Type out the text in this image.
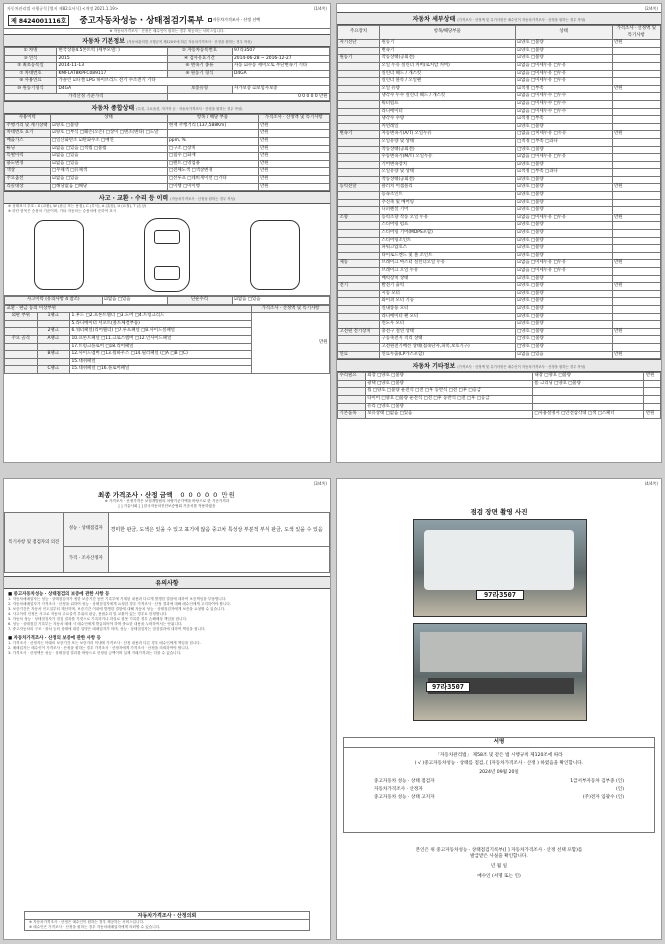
자동차관리법 시행규칙 [별지 제82호서식] <개정 2021.1.19>	(1/4쪽)
제 8424001116호	중고자동차성능 · 상태점검기록부	자동차가격조사 · 산정 선택
※ 자동차가격조사 · 산정은 매수인이 원하는 경우 제공하는 서비스입니다.
자동차 기본정보 (자동차관리법 시행규칙 제120조에 따른 자동차가격조사 · 산정을 원하는 경우 작성)
① 차명	한국상용4.5톤트럭 (세부모델: )	② 자동차등록번호	97라3507
③ 연식	2015	④ 검사유효기간	2014-06-28 ~ 2016-12-27
⑤ 최초등록일	2014-11-13	⑥ 변속기 종류	자동 ☑수동 세미오토 무단변속기 기타
⑦ 차대번호	KMFLAT8KPFC089117	⑧ 원동기 형식	D4GA
⑨ 사용연료	가솔린 ☑디젤 LPG 하이브리드 전기 수소전기 기타		
⑩ 원동기형식	D4GA	보증유형	자가보증 ☑보험사보증
가격산정 기준가격		0 0 0 0 0 만원	
자동차 종합상태 (특징, 주요옵션, 자가자 등 · 자동차가격조사 · 산정을 원하는 경우 작성)
사용이력	상태	항목 / 해당 부품	가격조사 · 산정액 및 특기사항
주행거리 및 계기상태	☑양호 □불량	현재 주행거리 [137,588Km]	만원
차대번호 표기	☑양호 □부식 □훼손(오손) □상이 □변조(변타) □도말		만원
배출가스	□일산화탄소 ☑탄화수소 □매연	ppm, %	만원
튜닝	☑없음 □있음 □적법 □불법	□구조 □장치	만원
특별이력	☑없음 □있음	□침수 □화재	만원
용도변경	☑없음 □있음	□렌트 □영업용	만원
색상	□무채색 □유채색	□전체도색 □색상변경	만원
주요옵션	☑없음 □있음	□선루프 □네비게이션 □기타	만원
리콜대상	□해당없음 □해당	□이행 □미이행	만원
사고 · 교환 · 수리 등 이력 (자동차가격조사 · 산정을 원하는 경우 작성)
※ 상태표시 부호 : X (교환), W (판금 또는 용접), C (부식), A (흠집), U (요철), T (손상)
※ 하단 항목은 승용차 기준이며, 기타 자동차는 승용차에 준하여 표시
사고이력 (유의사항 4 참조)	☑없음 □있음	단순수리	☑없음 □있음
교환 · 판금 등의 이상부위			가격조사 · 산정액 및 특기사항
외판 부위	1랭크	1.후드 □2.프론트휀더 □3.도어 □4.트렁크리드	만원
		5.라디에이터 서포트(볼트체결부품)	
	2랭크	6.쿼터패널(리어휀더) □7.루프패널 □8.사이드실패널	
주요 골격	A랭크	10.프론트패널 □11.크로스멤버 □12.인사이드패널	
		17.트렁크플로어 □18.리어패널	
	B랭크	12.사이드멤버 □13.휠하우스 □14.필러패널 (□A □B □C)	
		15.대쉬패널	
	C랭크	15.대쉬패널 □16.플로어패널	
(2/4쪽)
자동차 세부상태 (가격조사 · 산정액 및 특기사항은 매수인이 자동차가격조사 · 산정을 원하는 경우 작성)
주요장치	항목/해당부품	상태	가격조사 · 산정액 및 특기사항
자기진단	원동기	☑양호 □불량	만원
	변속기	☑양호 □불량	
원동기	작동상태(공회전)	☑양호 □불량	
	오일 누유 실린더 커버(로커암 커버)	☑없음 □미세누유 □누유	
	실린더 헤드 / 개스킷	☑없음 □미세누유 □누유	
	실린더 블록 / 오일팬	☑없음 □미세누유 □누유	
	오일 유량	☑적정 □부족	만원
	냉각수 누수 실린더 헤드 / 개스킷	☑없음 □미세누수 □누수	
	워터펌프	☑없음 □미세누수 □누수	
	라디에이터	☑없음 □미세누수 □누수	
	냉각수 수량	☑적정 □부족	
	커먼레일	☑양호 □불량	
변속기	자동변속기(A/T) 오일누유	□없음 □미세누유 □누유	만원
	오일유량 및 상태	□적정 □부족 □과다	
	작동상태(공회전)	□양호 □불량	
	수동변속기(M/T) 오일누유	☑없음 □미세누유 □누유	
	기어변속장치	☑양호 □불량	
	오일유량 및 상태	☑적정 □부족 □과다	
	작동상태(공회전)	☑양호 □불량	
동력전달	클러치 어셈블리	☑양호 □불량	만원
	등속조인트	☑양호 □불량	
	추진축 및 베어링	☑양호 □불량	
	디퍼렌셜 기어	☑양호 □불량	
조향	동력조향 작동 오일 누유	☑없음 □미세누유 □누유	만원
	스티어링 펌프	☑양호 □불량	
	스티어링 기어(MDPS포함)	☑양호 □불량	
	스티어링조인트	☑양호 □불량	
	파워고압호스	☑양호 □불량	
	타이로드엔드 및 볼 조인트	☑양호 □불량	
제동	브레이크 마스터 실린더오일 누유	☑없음 □미세누유 □누유	만원
	브레이크 오일 누유	☑없음 □미세누유 □누유	
	배력장치 상태	☑양호 □불량	
전기	발전기 출력	☑양호 □불량	만원
	시동 모터	☑양호 □불량	
	와이퍼 모터 기능	☑양호 □불량	
	실내송풍 모터	☑양호 □불량	
	라디에이터 팬 모터	☑양호 □불량	
	윈도우 모터	☑양호 □불량	
고전원 전기장치	충전구 절연 상태	□양호 □불량	만원
	구동축전지 격리 상태	□양호 □불량	
	고전원전기배선 상태(접속단자,피복,보호기구)	□양호 □불량	
연료	연료누출(LP가스포함)	☑없음 □있음	만원
자동차 기타정보 (가격조사 · 산정액 및 특기사항은 매수인이 자동차가격조사 · 산정을 원하는 경우 작성)
수리필요	외장 □양호 □불량	내장 □양호 □불량	만원
	광택 □양호 □불량	룸 크리닝 □양호 □불량	
	휠 □양호 □불량 운전석 □전 □후 동반석 □전 □후 □응급		
	타이어 □양호 □불량 운전석 □전 □후 동반석 □전 □후 □응급		
	유리 □양호 □불량		
기본품목	보유상태 □없음 □있음	□사용설명서 □안전삼각대 □잭 □스패너	만원
(3/4쪽)
최종 가격조사 · 산정 금액 0 0 0 0 0 만원
※ 가격조사 · 산정가격은 보험개발원의 차량기준가액을 바탕으로 한 기준가격과
[ ] 기술사회 [ ] 한국자동차진단보증협회 기준서를 적용하였음
특기사항 및 점검자의 의견	성능 · 상태점검자	경미한 판금, 도색은 있을 수 있고 표기에 않음 중고차 특성상 부분적 부식 판금, 도색 있을 수 있음
	가격 · 조사산정자	
유의사항
■ 중고자동차성능 · 상태점검의 보증에 관한 사항 등
1. 자동차매매업자는 성능 · 상태점검자가 정한 보증기간 동안 기록부에 기재된 내용과 다르게 발생한 결함에 대하여 보증책임을 부담합니다.
2. 자동차매매업자가 가격조사 · 산정을 위하여 성능 · 상태점검자에게 요청한 경우 가격조사 · 산정 결과에 대해 매수인에게 고지하여야 합니다.
3. 보증기간은 자동차 인도일부터 계산하며, 보증기간 이내에 발생한 결함에 대해 자동차 성능 · 상태점검자에게 보증을 요청할 수 있습니다.
4. 사고이력 인정은 사고로 자동차 주요골격 부위의 판금, 용접수리 및 교환이 있는 경우로 한정합니다.
5. 자동차 성능 · 상태점검자가 점검 결과를 거짓으로 기록하거나 과실로 잘못 기록한 경우 손해배상 책임을 집니다.
6. 성능 · 상태점검 기록부는 자동차 매매 시 매수인에게 발급되어야 하며 중요한 내용을 누락하여서는 안됩니다.
7. 중고자동차의 구조 · 장치 등의 상태에 대한 설명은 매매업자가 하며, 성능 · 상태점검자는 점검결과에 대하여 책임을 집니다.
■ 자동차가격조사 · 산정의 보증에 관한 사항 등
1. 가격조사 · 산정자는 아래의 보증기간 또는 보증거리 이내에 가격조사 · 산정 내용과 다른 경우 매수인에게 책임을 집니다.
2. 매매업자는 매수인이 가격조사 · 산정을 원하는 경우 가격조사 · 산정자에게 가격조사 · 산정을 의뢰하여야 합니다.
3. 가격조사 · 산정액은 성능 · 상태점검 결과를 바탕으로 산정된 금액이며 실제 거래가격과는 다를 수 있습니다.
자동차가격조사 · 산정의뢰
※ 자동차가격조사 · 산정은 매수인이 원하는 경우 제공하는 서비스입니다.
※ 매수인은 가격조사 · 산정을 원하는 경우 자동차매매업자에게 의뢰할 수 있습니다.
(4/4쪽)
점검 장면 촬영 사진
97라3507
97라3507
서명
「자동차관리법」 제58조 및 같은 법 시행규칙 제120조에 따라
( √ )중고자동차성능 · 상태를 점검, [ ]자동차가격조사 · 산정 ) 하였음을 확인합니다.
2024년 09월 20일
중고자동차 성능 · 상태 점검자	1급서부자동차 김부중 (인)
자동차가격조사 · 산정자	(인)
중고자동차 성능 · 상태 고지자	(주)전자 임광수 (인)
본인은 위 중고자동차성능 · 상태점검기록부([ ] 자동차가격조사 · 산정 선택 포함)를
발급받은 사실을 확인합니다.
년 월 일
매수인 (서명 또는 인)
